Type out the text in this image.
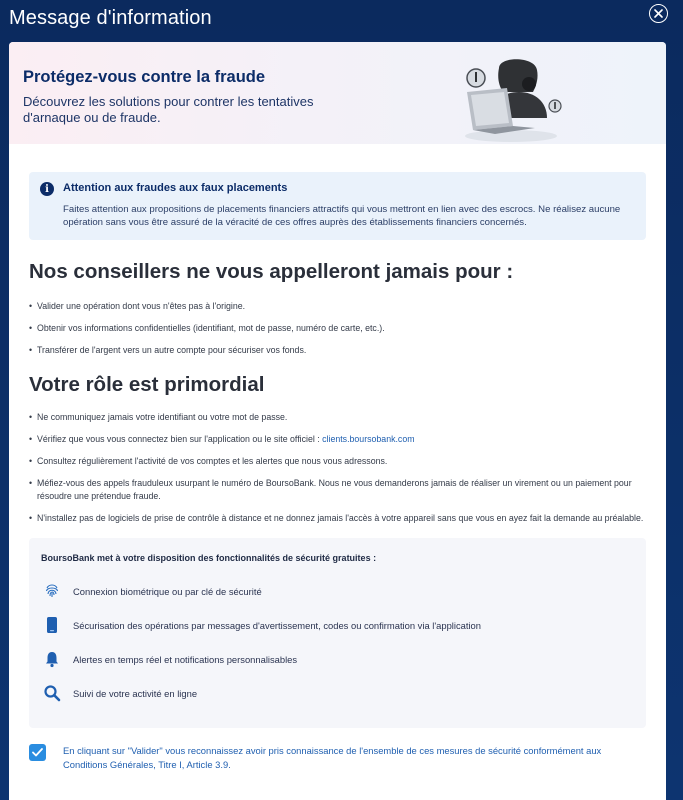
Message d'information
Protégez-vous contre la fraude

Découvrez les solutions pour contrer les tentatives d'arnaque ou de fraude.

i	Attention aux fraudes aux faux placements

Faites attention aux propositions de placements financiers attractifs qui vous mettront en lien avec des escrocs. Ne réalisez aucune opération sans vous être assuré de la véracité de ces offres auprès des établissements financiers concernés.

Nos conseillers ne vous appelleront jamais pour :
• Valider une opération dont vous n'êtes pas à l'origine.
• Obtenir vos informations confidentielles (identifiant, mot de passe, numéro de carte, etc.).
• Transférer de l'argent vers un autre compte pour sécuriser vos fonds.
Votre rôle est primordial
• Ne communiquez jamais votre identifiant ou votre mot de passe.
• Vérifiez que vous vous connectez bien sur l'application ou le site officiel : clients.boursobank.com
• Consultez régulièrement l'activité de vos comptes et les alertes que nous vous adressons.
• Méfiez-vous des appels frauduleux usurpant le numéro de BoursoBank. Nous ne vous demanderons jamais de réaliser un virement ou un paiement pour résoudre une prétendue fraude.
• N'installez pas de logiciels de prise de contrôle à distance et ne donnez jamais l'accès à votre appareil sans que vous en ayez fait la demande au préalable.
BoursoBank met à votre disposition des fonctionnalités de sécurité gratuites :
Connexion biométrique ou par clé de sécurité
Sécurisation des opérations par messages d'avertissement, codes ou confirmation via l'application
Alertes en temps réel et notifications personnalisables
Suivi de votre activité en ligne

En cliquant sur "Valider" vous reconnaissez avoir pris connaissance de l'ensemble de ces mesures de sécurité conformément aux Conditions Générales, Titre I, Article 3.9.
